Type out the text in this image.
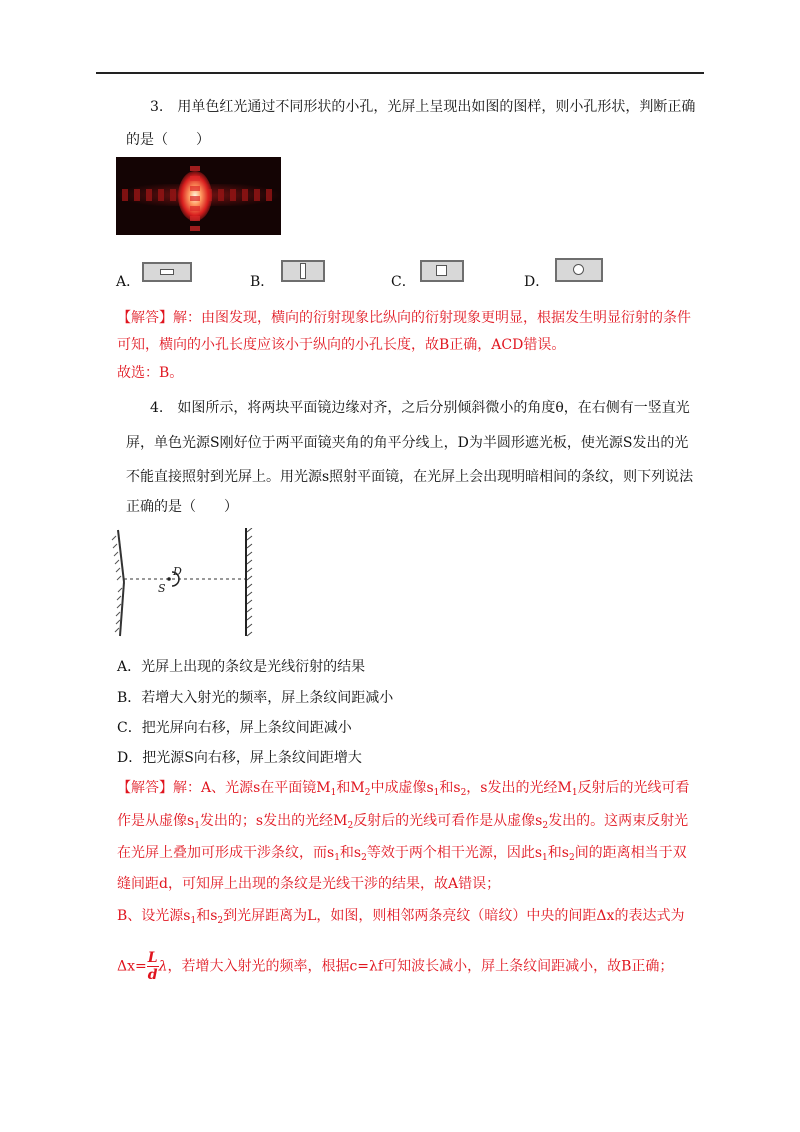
3.　用单色红光通过不同形状的小孔，光屏上呈现出如图的图样，则小孔形状，判断正确
的是（　　）
A．	B．	C．	D．
【解答】解：由图发现，横向的衍射现象比纵向的衍射现象更明显，根据发生明显衍射的条件
可知，横向的小孔长度应该小于纵向的小孔长度，故B正确，ACD错误。
故选：B。
4.　如图所示，将两块平面镜边缘对齐，之后分别倾斜微小的角度θ，在右侧有一竖直光
屏，单色光源S刚好位于两平面镜夹角的角平分线上，D为半圆形遮光板，使光源S发出的光
不能直接照射到光屏上。用光源s照射平面镜，在光屏上会出现明暗相间的条纹，则下列说法
正确的是（　　）
D
S
A．光屏上出现的条纹是光线衍射的结果
B．若增大入射光的频率，屏上条纹间距减小
C．把光屏向右移，屏上条纹间距减小
D．把光源S向右移，屏上条纹间距增大
【解答】解：A、光源s在平面镜$M_1$和$M_2$中成虚像$s_1$和$s_2$，s发出的光经$M_1$反射后的光线可看
作是从虚像$s_1$发出的；s发出的光经$M_2$反射后的光线可看作是从虚像$s_2$发出的。这两束反射光
在光屏上叠加可形成干涉条纹，而$s_1$和$s_2$等效于两个相干光源，因此$s_1$和$s_2$间的距离相当于双
缝间距d，可知屏上出现的条纹是光线干涉的结果，故A错误；
B、设光源$s_1$和$s_2$到光屏距离为L，如图，则相邻两条亮纹（暗纹）中央的间距Δx的表达式为
$\Delta x= \frac{L}{d}$ λ，若增大入射光的频率，根据c=λf可知波长减小，屏上条纹间距减小，故B正确；
